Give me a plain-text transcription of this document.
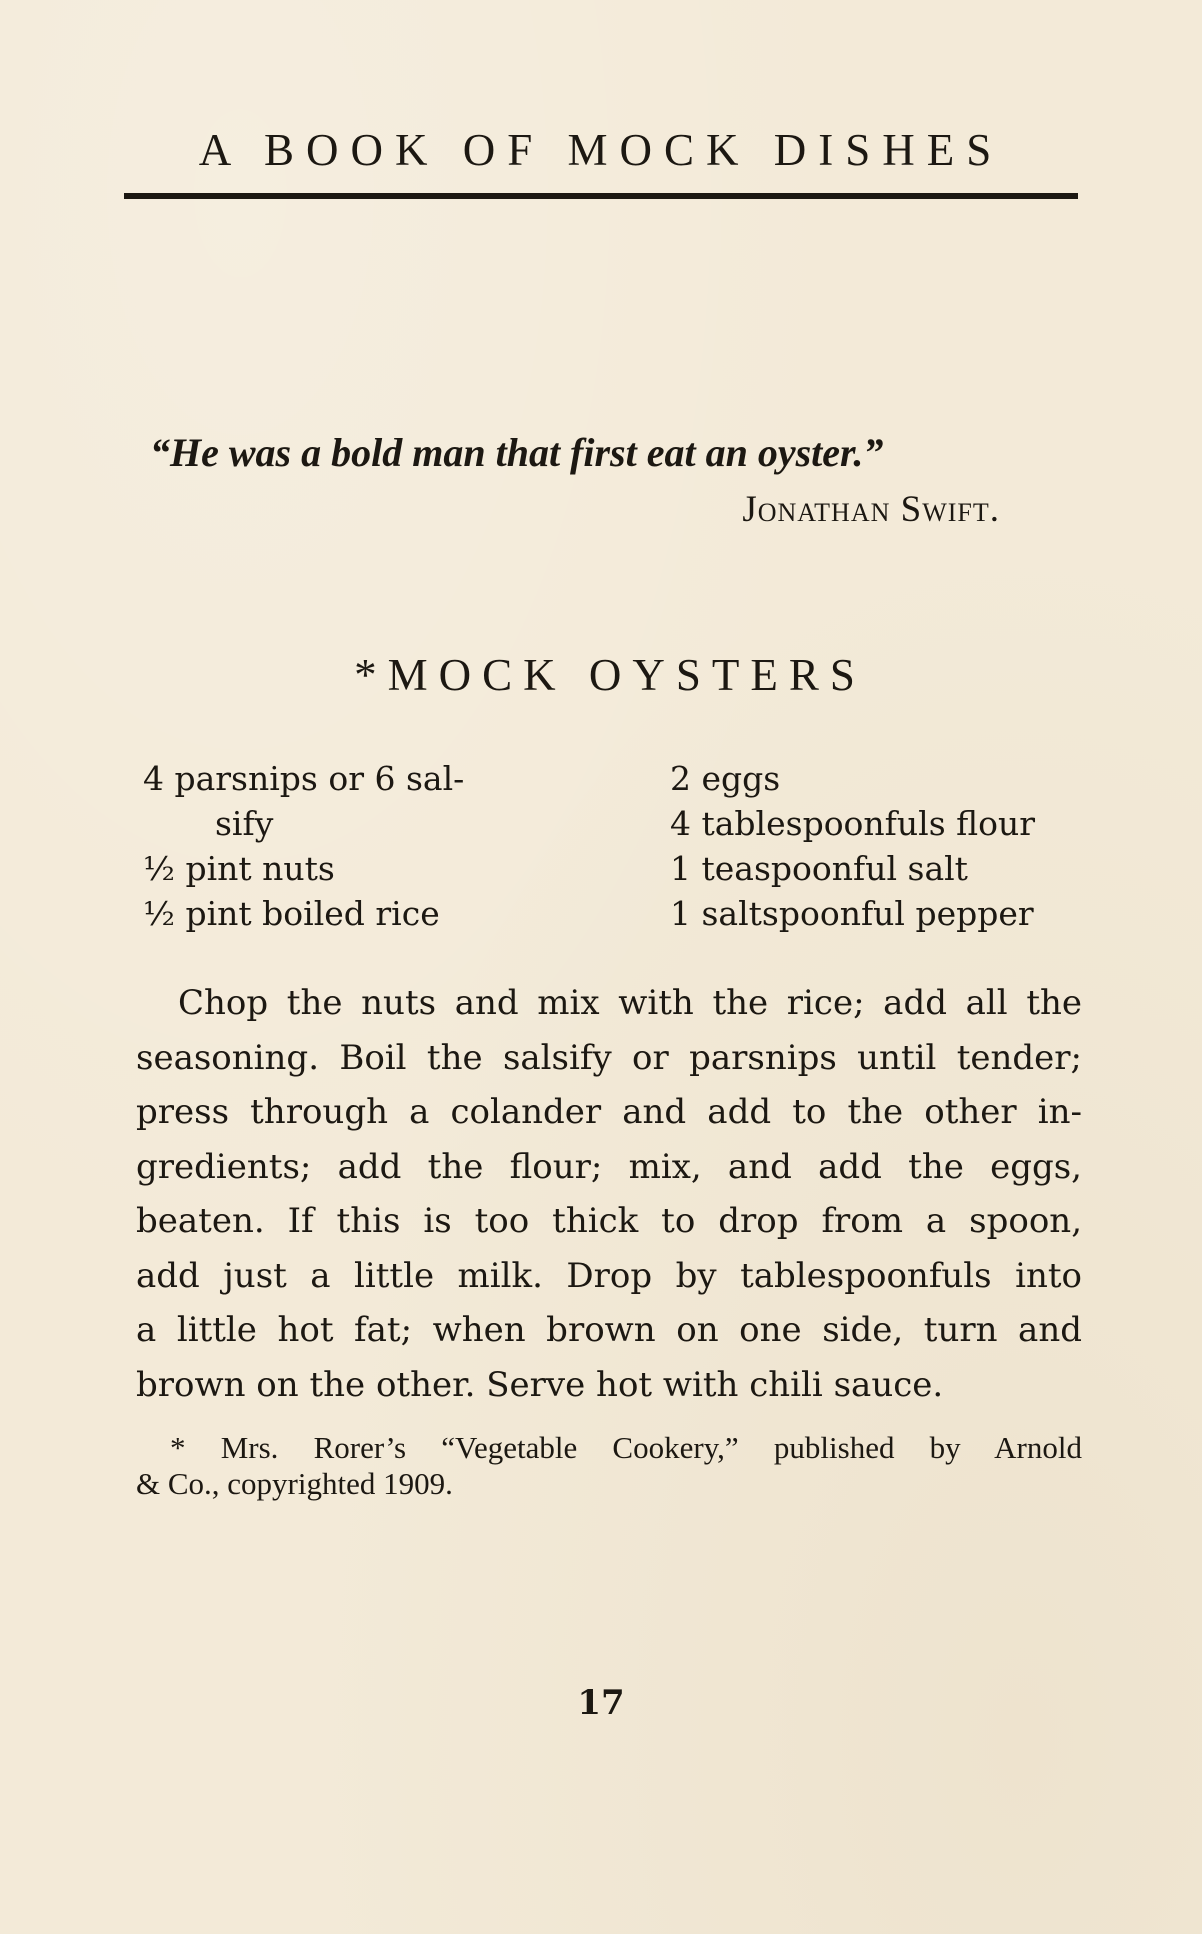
A BOOK OF MOCK DISHES
“He was a bold man that first eat an oyster.”
Jonathan Swift.
*MOCK OYSTERS
4 parsnips or 6 sal-
sify
½ pint nuts
½ pint boiled rice
2 eggs
4 tablespoonfuls flour
1 teaspoonful salt
1 saltspoonful pepper
Chop the nuts and mix with the rice; add all the
seasoning. Boil the salsify or parsnips until tender;
press through a colander and add to the other in-
gredients; add the flour; mix, and add the eggs,
beaten. If this is too thick to drop from a spoon,
add just a little milk. Drop by tablespoonfuls into
a little hot fat; when brown on one side, turn and
brown on the other. Serve hot with chili sauce.
* Mrs. Rorer’s “Vegetable Cookery,” published by Arnold
& Co., copyrighted 1909.
17
